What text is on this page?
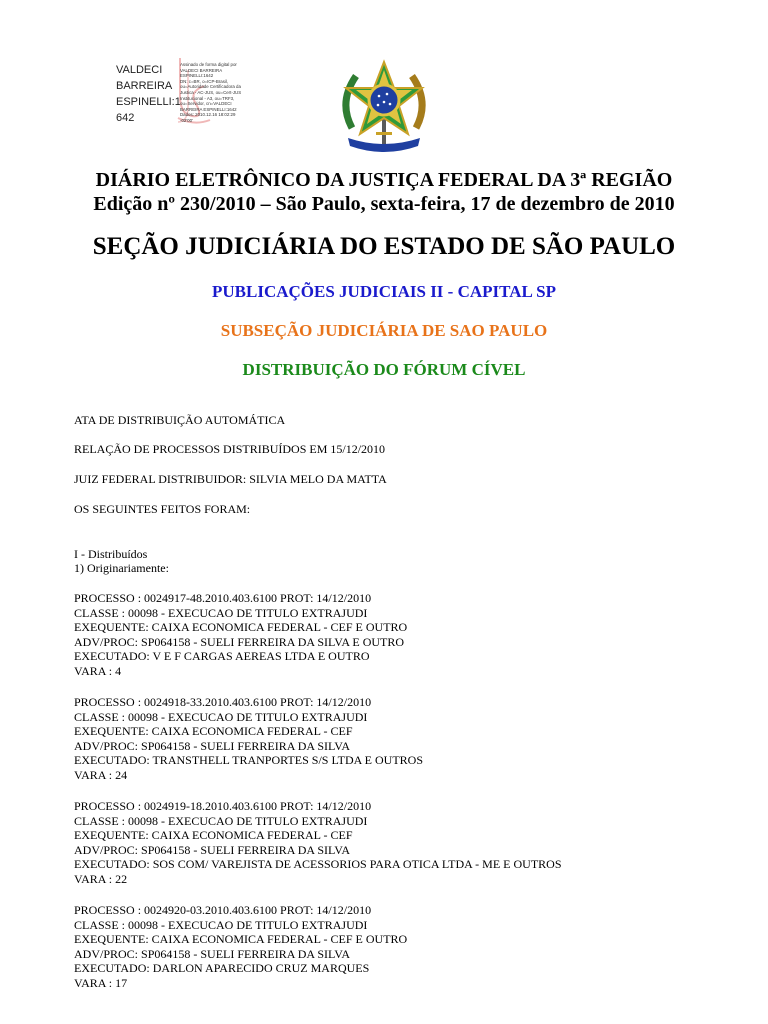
VALDECI
BARREIRA
ESPINELLI:1
642
Assinado de forma digital por
VALDECI BARREIRA
ESPINELLI:1642
DN: c=BR, o=ICP-Brasil,
ou=Autoridade Certificadora da
Justica - AC-JUS, ou=Cert-JUS
Institucional - A3, ou=TRF3,
ou=Servidor, cn=VALDECI
BARREIRA ESPINELLI:1642
Dados: 2010.12.16 18:02:29
-02'00'
DIÁRIO ELETRÔNICO DA JUSTIÇA FEDERAL DA 3ª REGIÃO
Edição nº 230/2010 – São Paulo, sexta-feira, 17 de dezembro de 2010
SEÇÃO JUDICIÁRIA DO ESTADO DE SÃO PAULO
PUBLICAÇÕES JUDICIAIS II - CAPITAL SP
SUBSEÇÃO JUDICIÁRIA DE SAO PAULO
DISTRIBUIÇÃO DO FÓRUM CÍVEL
ATA DE DISTRIBUIÇÃO AUTOMÁTICA
RELAÇÃO DE PROCESSOS DISTRIBUÍDOS EM 15/12/2010
JUIZ FEDERAL DISTRIBUIDOR: SILVIA MELO DA MATTA
OS SEGUINTES FEITOS FORAM:
I - Distribuídos
1) Originariamente:
PROCESSO : 0024917-48.2010.403.6100 PROT: 14/12/2010
CLASSE : 00098 - EXECUCAO DE TITULO EXTRAJUDI
EXEQUENTE: CAIXA ECONOMICA FEDERAL - CEF E OUTRO
ADV/PROC: SP064158 - SUELI FERREIRA DA SILVA E OUTRO
EXECUTADO: V E F CARGAS AEREAS LTDA E OUTRO
VARA : 4
PROCESSO : 0024918-33.2010.403.6100 PROT: 14/12/2010
CLASSE : 00098 - EXECUCAO DE TITULO EXTRAJUDI
EXEQUENTE: CAIXA ECONOMICA FEDERAL - CEF
ADV/PROC: SP064158 - SUELI FERREIRA DA SILVA
EXECUTADO: TRANSTHELL TRANPORTES S/S LTDA E OUTROS
VARA : 24
PROCESSO : 0024919-18.2010.403.6100 PROT: 14/12/2010
CLASSE : 00098 - EXECUCAO DE TITULO EXTRAJUDI
EXEQUENTE: CAIXA ECONOMICA FEDERAL - CEF
ADV/PROC: SP064158 - SUELI FERREIRA DA SILVA
EXECUTADO: SOS COM/ VAREJISTA DE ACESSORIOS PARA OTICA LTDA - ME E OUTROS
VARA : 22
PROCESSO : 0024920-03.2010.403.6100 PROT: 14/12/2010
CLASSE : 00098 - EXECUCAO DE TITULO EXTRAJUDI
EXEQUENTE: CAIXA ECONOMICA FEDERAL - CEF E OUTRO
ADV/PROC: SP064158 - SUELI FERREIRA DA SILVA
EXECUTADO: DARLON APARECIDO CRUZ MARQUES
VARA : 17
